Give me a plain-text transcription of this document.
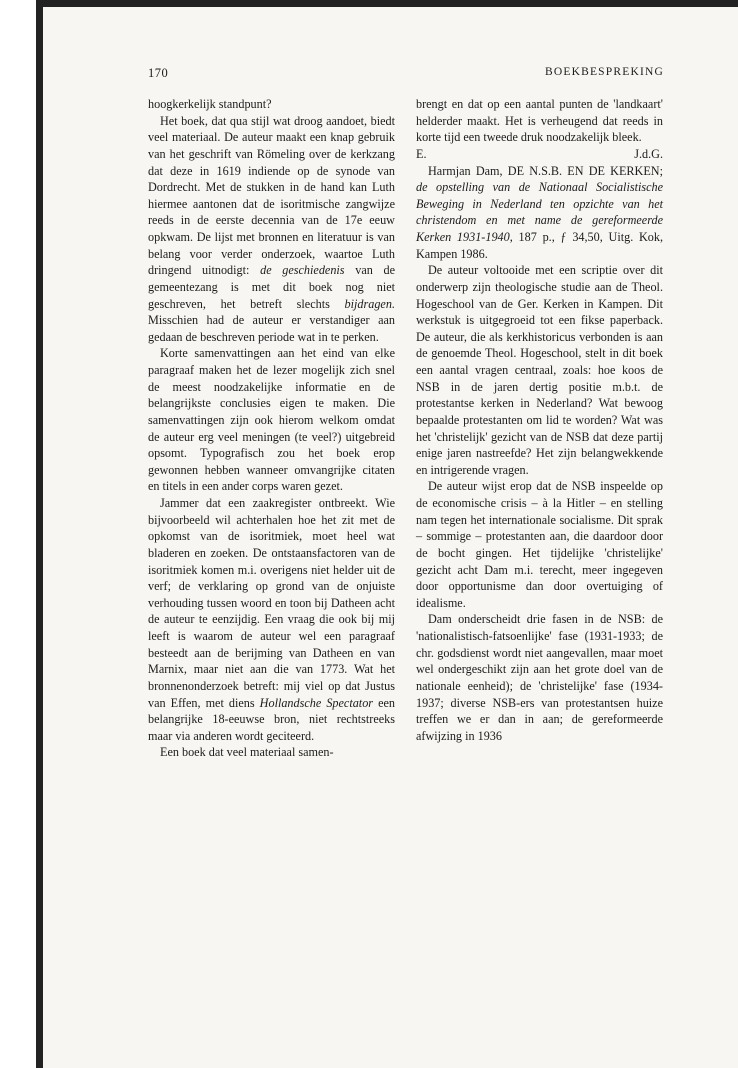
170	BOEKBESPREKING

hoogkerkelijk standpunt?

Het boek, dat qua stijl wat droog aandoet, biedt veel materiaal. De auteur maakt een knap gebruik van het geschrift van Römeling over de kerkzang dat deze in 1619 indiende op de synode van Dordrecht. Met de stukken in de hand kan Luth hiermee aantonen dat de isoritmische zangwijze reeds in de eerste decennia van de 17e eeuw opkwam. De lijst met bronnen en literatuur is van belang voor verder onderzoek, waartoe Luth dringend uitnodigt: de geschiedenis van de gemeentezang is met dit boek nog niet geschreven, het betreft slechts bijdragen. Misschien had de auteur er verstandiger aan gedaan de beschreven periode wat in te perken.

Korte samenvattingen aan het eind van elke paragraaf maken het de lezer mogelijk zich snel de meest noodzakelijke informatie en de belangrijkste conclusies eigen te maken. Die samenvattingen zijn ook hierom welkom omdat de auteur erg veel meningen (te veel?) uitgebreid opsomt. Typografisch zou het boek erop gewonnen hebben wanneer omvangrijke citaten en titels in een ander corps waren gezet.

Jammer dat een zaakregister ontbreekt. Wie bijvoorbeeld wil achterhalen hoe het zit met de opkomst van de isoritmiek, moet heel wat bladeren en zoeken. De ontstaansfactoren van de isoritmiek komen m.i. overigens niet helder uit de verf; de verklaring op grond van de onjuiste verhouding tussen woord en toon bij Datheen acht de auteur te eenzijdig. Een vraag die ook bij mij leeft is waarom de auteur wel een paragraaf besteedt aan de berijming van Datheen en van Marnix, maar niet aan die van 1773. Wat het bronnenonderzoek betreft: mij viel op dat Justus van Effen, met diens Hollandsche Spectator een belangrijke 18-eeuwse bron, niet rechtstreeks maar via anderen wordt geciteerd.

Een boek dat veel materiaal samen-

brengt en dat op een aantal punten de 'landkaart' helderder maakt. Het is verheugend dat reeds in korte tijd een tweede druk noodzakelijk bleek.

E.	J.d.G.

Harmjan Dam, DE N.S.B. EN DE KERKEN; de opstelling van de Nationaal Socialistische Beweging in Nederland ten opzichte van het christendom en met name de gereformeerde Kerken 1931-1940, 187 p., ƒ 34,50, Uitg. Kok, Kampen 1986.

De auteur voltooide met een scriptie over dit onderwerp zijn theologische studie aan de Theol. Hogeschool van de Ger. Kerken in Kampen. Dit werkstuk is uitgegroeid tot een fikse paperback. De auteur, die als kerkhistoricus verbonden is aan de genoemde Theol. Hogeschool, stelt in dit boek een aantal vragen centraal, zoals: hoe koos de NSB in de jaren dertig positie m.b.t. de protestantse kerken in Nederland? Wat bewoog bepaalde protestanten om lid te worden? Wat was het 'christelijk' gezicht van de NSB dat deze partij enige jaren nastreefde? Het zijn belangwekkende en intrigerende vragen.

De auteur wijst erop dat de NSB inspeelde op de economische crisis – à la Hitler – en stelling nam tegen het internationale socialisme. Dit sprak – sommige – protestanten aan, die daardoor door de bocht gingen. Het tijdelijke 'christelijke' gezicht acht Dam m.i. terecht, meer ingegeven door opportunisme dan door overtuiging of idealisme.

Dam onderscheidt drie fasen in de NSB: de 'nationalistisch-fatsoenlijke' fase (1931-1933; de chr. godsdienst wordt niet aangevallen, maar moet wel ondergeschikt zijn aan het grote doel van de nationale eenheid); de 'christelijke' fase (1934-1937; diverse NSB-ers van protestantsen huize treffen we er dan in aan; de gereformeerde afwijzing in 1936
